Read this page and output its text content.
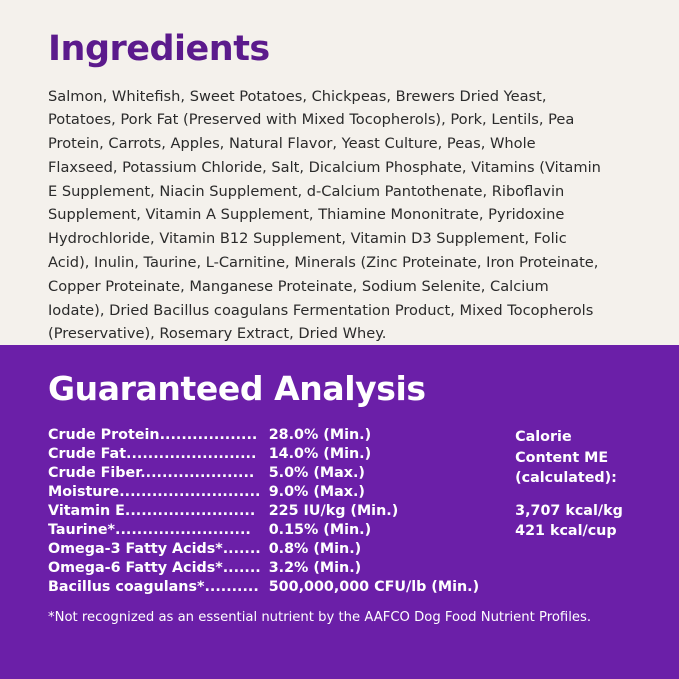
Ingredients

Salmon, Whitefish, Sweet Potatoes, Chickpeas, Brewers Dried Yeast, Potatoes, Pork Fat (Preserved with Mixed Tocopherols), Pork, Lentils, Pea Protein, Carrots, Apples, Natural Flavor, Yeast Culture, Peas, Whole Flaxseed, Potassium Chloride, Salt, Dicalcium Phosphate, Vitamins (Vitamin E Supplement, Niacin Supplement, d-Calcium Pantothenate, Riboflavin Supplement, Vitamin A Supplement, Thiamine Mononitrate, Pyridoxine Hydrochloride, Vitamin B12 Supplement, Vitamin D3 Supplement, Folic Acid), Inulin, Taurine, L-Carnitine, Minerals (Zinc Proteinate, Iron Proteinate, Copper Proteinate, Manganese Proteinate, Sodium Selenite, Calcium Iodate), Dried Bacillus coagulans Fermentation Product, Mixed Tocopherols (Preservative), Rosemary Extract, Dried Whey.

Guaranteed Analysis
Crude Protein..................	28.0% (Min.)
Crude Fat........................	14.0% (Min.)
Crude Fiber.....................	5.0% (Max.)
Moisture..........................	9.0% (Max.)
Vitamin E........................	225 IU/kg (Min.)
Taurine*.........................	0.15% (Min.)
Omega-3 Fatty Acids*.......	0.8% (Min.)
Omega-6 Fatty Acids*.......	3.2% (Min.)
Bacillus coagulans*..........	500,000,000 CFU/lb (Min.)
Calorie Content ME
(calculated):
3,707 kcal/kg
421 kcal/cup
*Not recognized as an essential nutrient by the AAFCO Dog Food Nutrient Profiles.
